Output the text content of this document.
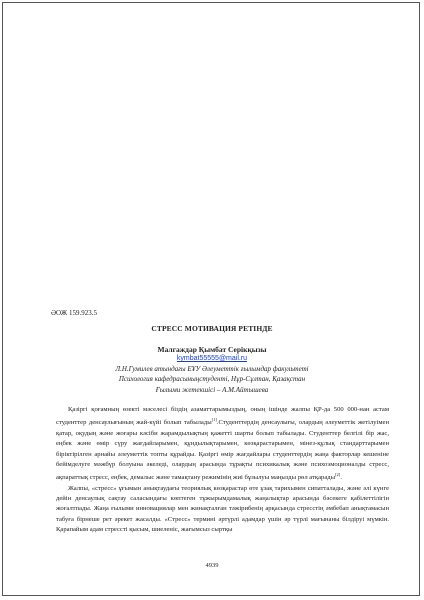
ӘОЖ 159.923.5
СТРЕСС МОТИВАЦИЯ РЕТІНДЕ
Малгаждар Қымбат Серікқызы
kymbat55555@mail.ru
Л.Н.Гумилев атындағы ЕҰУ Әлеуметтік ғылымдар факультеті
Психология кафедрасыныңстуденті, Нұр-Сұлтан, Қазақстан
Ғылыми жетекшісі – А.М.Айтышева

Қазіргі қоғамның өзекті мәселесі біздің азаматтарымыздың, оның ішінде жалпы ҚР-да 500 000-нан астам студенттер денсаулығының жай-күйі болып табылады[1].Студенттердің денсаулығы, олардың әлеуметтік жетілуімен қатар, оқудың және жоғары кәсіби жарамдылықтың қажетті шарты болып табылады. Студенттер белгілі бір жас, еңбек және өмір сүру жағдайларымен, құндылықтарымен, көзқарастарымен, мінез-құлық стандарттарымен біріктірілген арнайы әлеуметтік топты құрайды. Қазіргі өмір жағдайлары студенттердің жаңа факторлар кешеніне бейімделуге мәжбүр болуына әкеледі, олардың арасында тұрақты психикалық және психоэмоционалды стресс, ақпараттық стресс, еңбек, демалыс және тамақтану режимінің жиі бұзылуы маңызды рөл атқарады[2].

Жалпы, «стресс» ұғымын анықтаудағы теориялық көзқарастар өте ұзақ тарихымен сипатталады, және әлі күнге дейін денсаулық сақтау саласындағы көптеген тұжырымдамалық жаңалықтар арасында бәсекеге қабілеттілігін жоғалтпады. Жаңа ғылыми инновациялар мен жинақталған тәжірибенің арқасында стресстің әмбебап анықтамасын табуға бірнеше рет әрекет жасалды. «Стресс» термині әртүрлі адамдар үшін әр түрлі мағынаны білдіруі мүмкін. Қарапайым адам стрессті қысым, шиеленіс, жағымсыз сыртқы

4939
